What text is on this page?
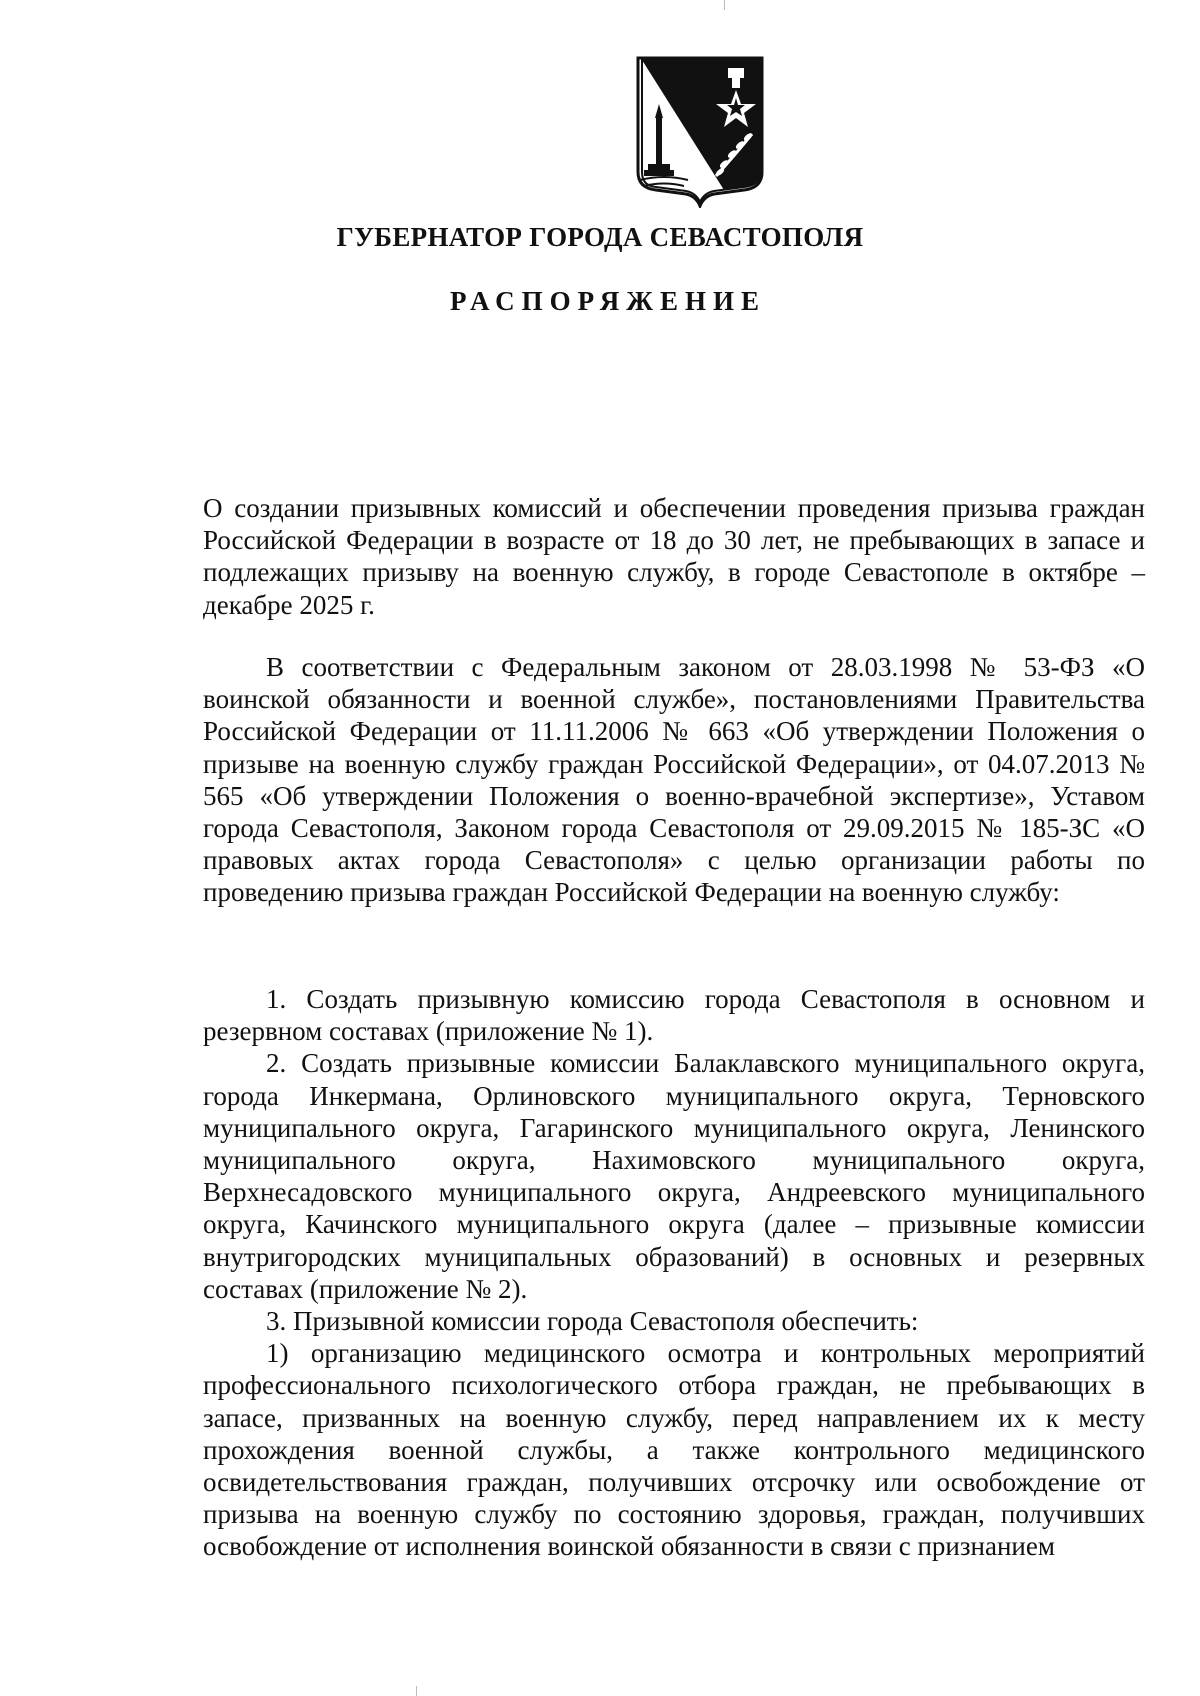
ГУБЕРНАТОР ГОРОДА СЕВАСТОПОЛЯ
РАСПОРЯЖЕНИЕ
О создании призывных комиссий и обеспечении проведения призыва граждан Российской Федерации в возрасте от 18 до 30 лет, не пребывающих в запасе и подлежащих призыву на военную службу, в городе Севастополе в октябре – декабре 2025 г.

В соответствии с Федеральным законом от 28.03.1998 № 53-ФЗ «О воинской обязанности и военной службе», постановлениями Правительства Российской Федерации от 11.11.2006 № 663 «Об утверждении Положения о призыве на военную службу граждан Российской Федерации», от 04.07.2013 № 565 «Об утверждении Положения о военно-врачебной экспертизе», Уставом города Севастополя, Законом города Севастополя от 29.09.2015 № 185-ЗС «О правовых актах города Севастополя» с целью организации работы по проведению призыва граждан Российской Федерации на военную службу:

1. Создать призывную комиссию города Севастополя в основном и резервном составах (приложение № 1).

2. Создать призывные комиссии Балаклавского муниципального округа, города Инкермана, Орлиновского муниципального округа, Терновского муниципального округа, Гагаринского муниципального округа, Ленинского муниципального округа, Нахимовского муниципального округа, Верхнесадовского муниципального округа, Андреевского муниципального округа, Качинского муниципального округа (далее – призывные комиссии внутригородских муниципальных образований) в основных и резервных составах (приложение № 2).

3. Призывной комиссии города Севастополя обеспечить:

1) организацию медицинского осмотра и контрольных мероприятий профессионального психологического отбора граждан, не пребывающих в запасе, призванных на военную службу, перед направлением их к месту прохождения военной службы, а также контрольного медицинского освидетельствования граждан, получивших отсрочку или освобождение от призыва на военную службу по состоянию здоровья, граждан, получивших освобождение от исполнения воинской обязанности в связи с признанием
